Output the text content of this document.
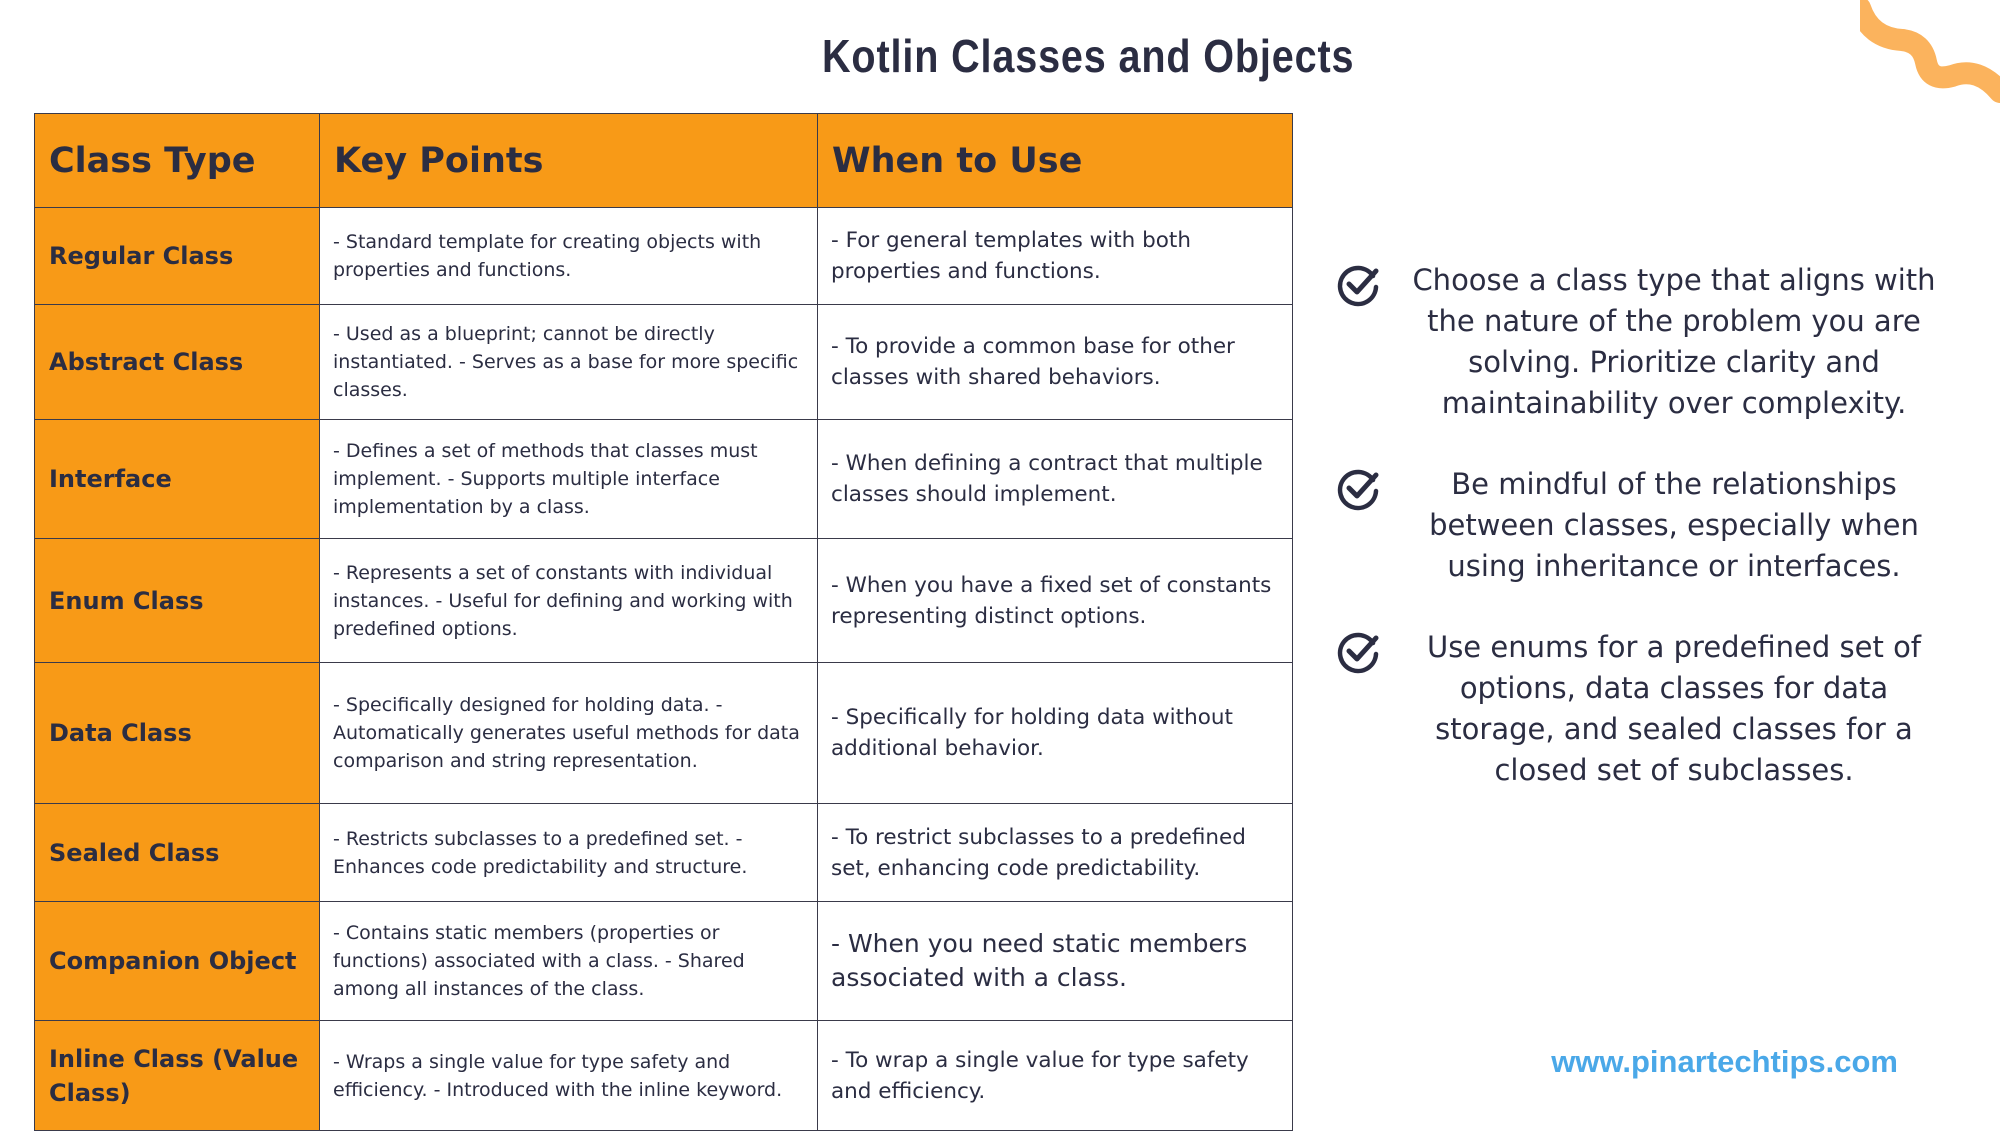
Kotlin Classes and Objects
Class Type	Key Points	When to Use
Regular Class	- Standard template for creating objects with properties and functions.	- For general templates with both properties and functions.
Abstract Class	- Used as a blueprint; cannot be directly instantiated. - Serves as a base for more specific classes.	- To provide a common base for other classes with shared behaviors.
Interface	- Defines a set of methods that classes must implement. - Supports multiple interface implementation by a class.	- When defining a contract that multiple classes should implement.
Enum Class	- Represents a set of constants with individual instances. - Useful for defining and working with predefined options.	- When you have a fixed set of constants representing distinct options.
Data Class	- Specifically designed for holding data. - Automatically generates useful methods for data comparison and string representation.	- Specifically for holding data without additional behavior.
Sealed Class	- Restricts subclasses to a predefined set. - Enhances code predictability and structure.	- To restrict subclasses to a predefined set, enhancing code predictability.
Companion Object	- Contains static members (properties or functions) associated with a class. - Shared among all instances of the class.	- When you need static members associated with a class.
Inline Class (Value Class)	- Wraps a single value for type safety and efficiency. - Introduced with the inline keyword.	- To wrap a single value for type safety and efficiency.
Choose a class type that aligns with the nature of the problem you are solving. Prioritize clarity and maintainability over complexity.
Be mindful of the relationships between classes, especially when using inheritance or interfaces.
Use enums for a predefined set of options, data classes for data storage, and sealed classes for a closed set of subclasses.
www.pinartechtips.com
